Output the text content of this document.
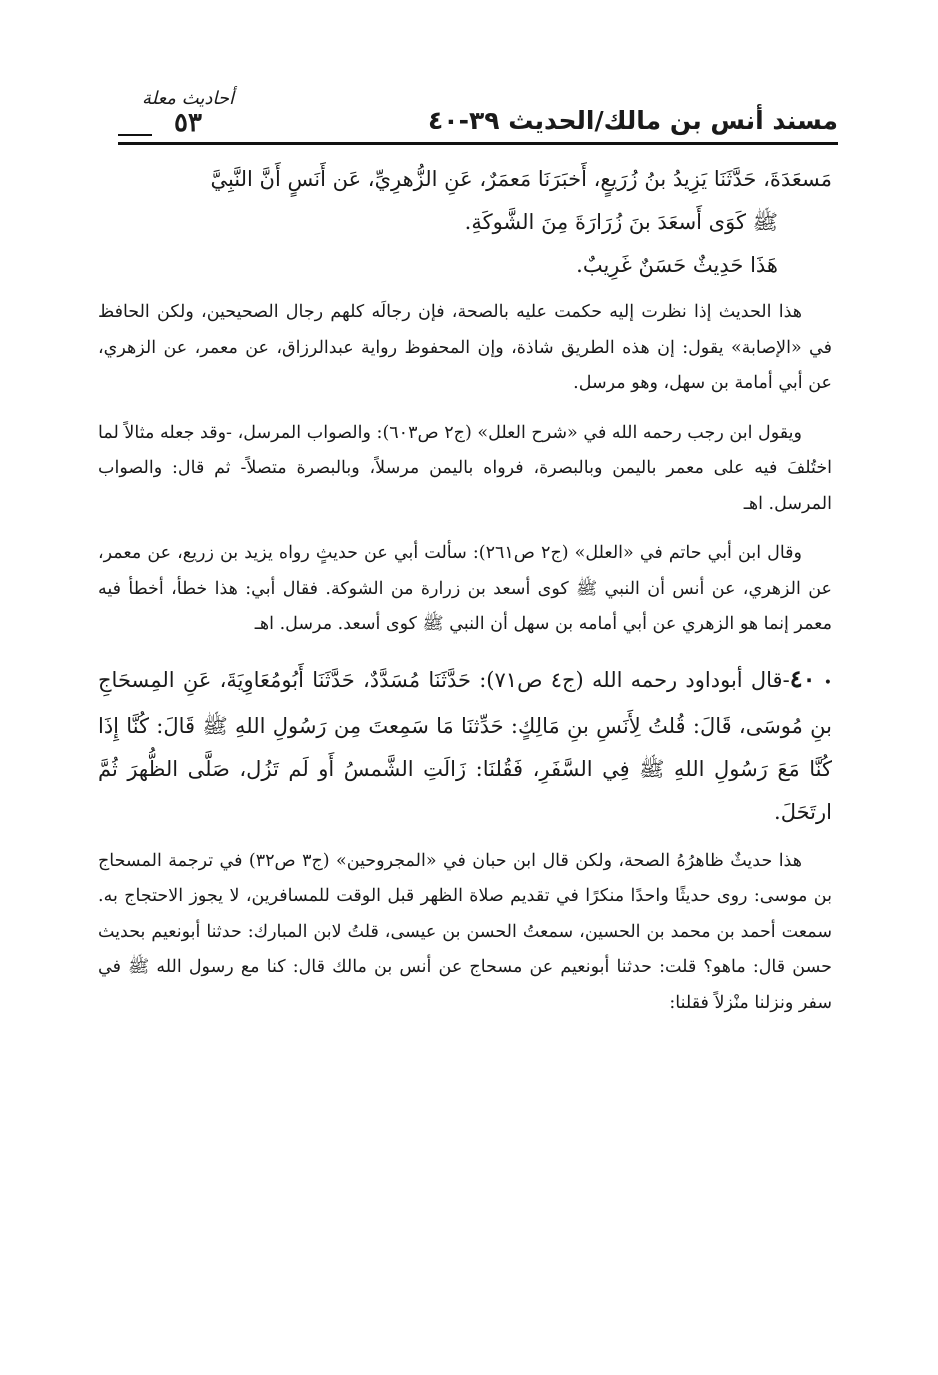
مسند أنس بن مالك/الحديث ٣٩-٤٠
أحاديث معلة
٥٣

مَسعَدَةَ، حَدَّثَنَا يَزِيدُ بنُ زُرَيعٍ، أَخبَرَنَا مَعمَرٌ، عَنِ الزُّهرِيِّ، عَن أَنَسٍ أَنَّ النَّبِيَّ

ﷺ كَوَى أَسعَدَ بنَ زُرَارَةَ مِنَ الشَّوكَةِ.

هَذَا حَدِيثٌ حَسَنٌ غَرِيبٌ.

هذا الحديث إذا نظرت إليه حكمت عليه بالصحة، فإن رجالَه كلهم رجال الصحيحين، ولكن الحافظ في «الإصابة» يقول: إن هذه الطريق شاذة، وإن المحفوظ رواية عبدالرزاق، عن معمر، عن الزهري، عن أبي أمامة بن سهل، وهو مرسل.

ويقول ابن رجب رحمه الله في «شرح العلل» (ج٢ ص٦٠٣): والصواب المرسل، -وقد جعله مثالاً لما اختُلفَ فيه على معمر باليمن وبالبصرة، فرواه باليمن مرسلاً، وبالبصرة متصلاً- ثم قال: والصواب المرسل. اهـ

وقال ابن أبي حاتم في «العلل» (ج٢ ص٢٦١): سألت أبي عن حديثٍ رواه يزيد بن زريع، عن معمر، عن الزهري، عن أنس أن النبي ﷺ كوى أسعد بن زرارة من الشوكة. فقال أبي: هذا خطأ، أخطأ فيه معمر إنما هو الزهري عن أبي أمامه بن سهل أن النبي ﷺ كوى أسعد. مرسل. اهـ

• ٤٠-قال أبوداود رحمه الله (ج٤ ص٧١): حَدَّثَنَا مُسَدَّدٌ، حَدَّثَنَا أَبُومُعَاوِيَةَ، عَنِ المِسحَاجِ بنِ مُوسَى، قَالَ: قُلتُ لِأَنَسِ بنِ مَالِكٍ: حَدِّثنَا مَا سَمِعتَ مِن رَسُولِ اللهِ ﷺ قَالَ: كُنَّا إِذَا كُنَّا مَعَ رَسُولِ اللهِ ﷺ فِي السَّفَرِ، فَقُلنَا: زَالَتِ الشَّمسُ أَو لَم تَزُل، صَلَّى الظُّهرَ ثُمَّ ارتَحَلَ.

هذا حديثٌ ظاهرُهُ الصحة، ولكن قال ابن حبان في «المجروحين» (ج٣ ص٣٢) في ترجمة المسحاج بن موسى: روى حديثًا واحدًا منكرًا في تقديم صلاة الظهر قبل الوقت للمسافرين، لا يجوز الاحتجاج به. سمعت أحمد بن محمد بن الحسين، سمعتُ الحسن بن عيسى، قلتُ لابن المبارك: حدثنا أبونعيم بحديث حسن قال: ماهو؟ قلت: حدثنا أبونعيم عن مسحاج عن أنس بن مالك قال: كنا مع رسول الله ﷺ في سفر ونزلنا منْزلاً فقلنا:
